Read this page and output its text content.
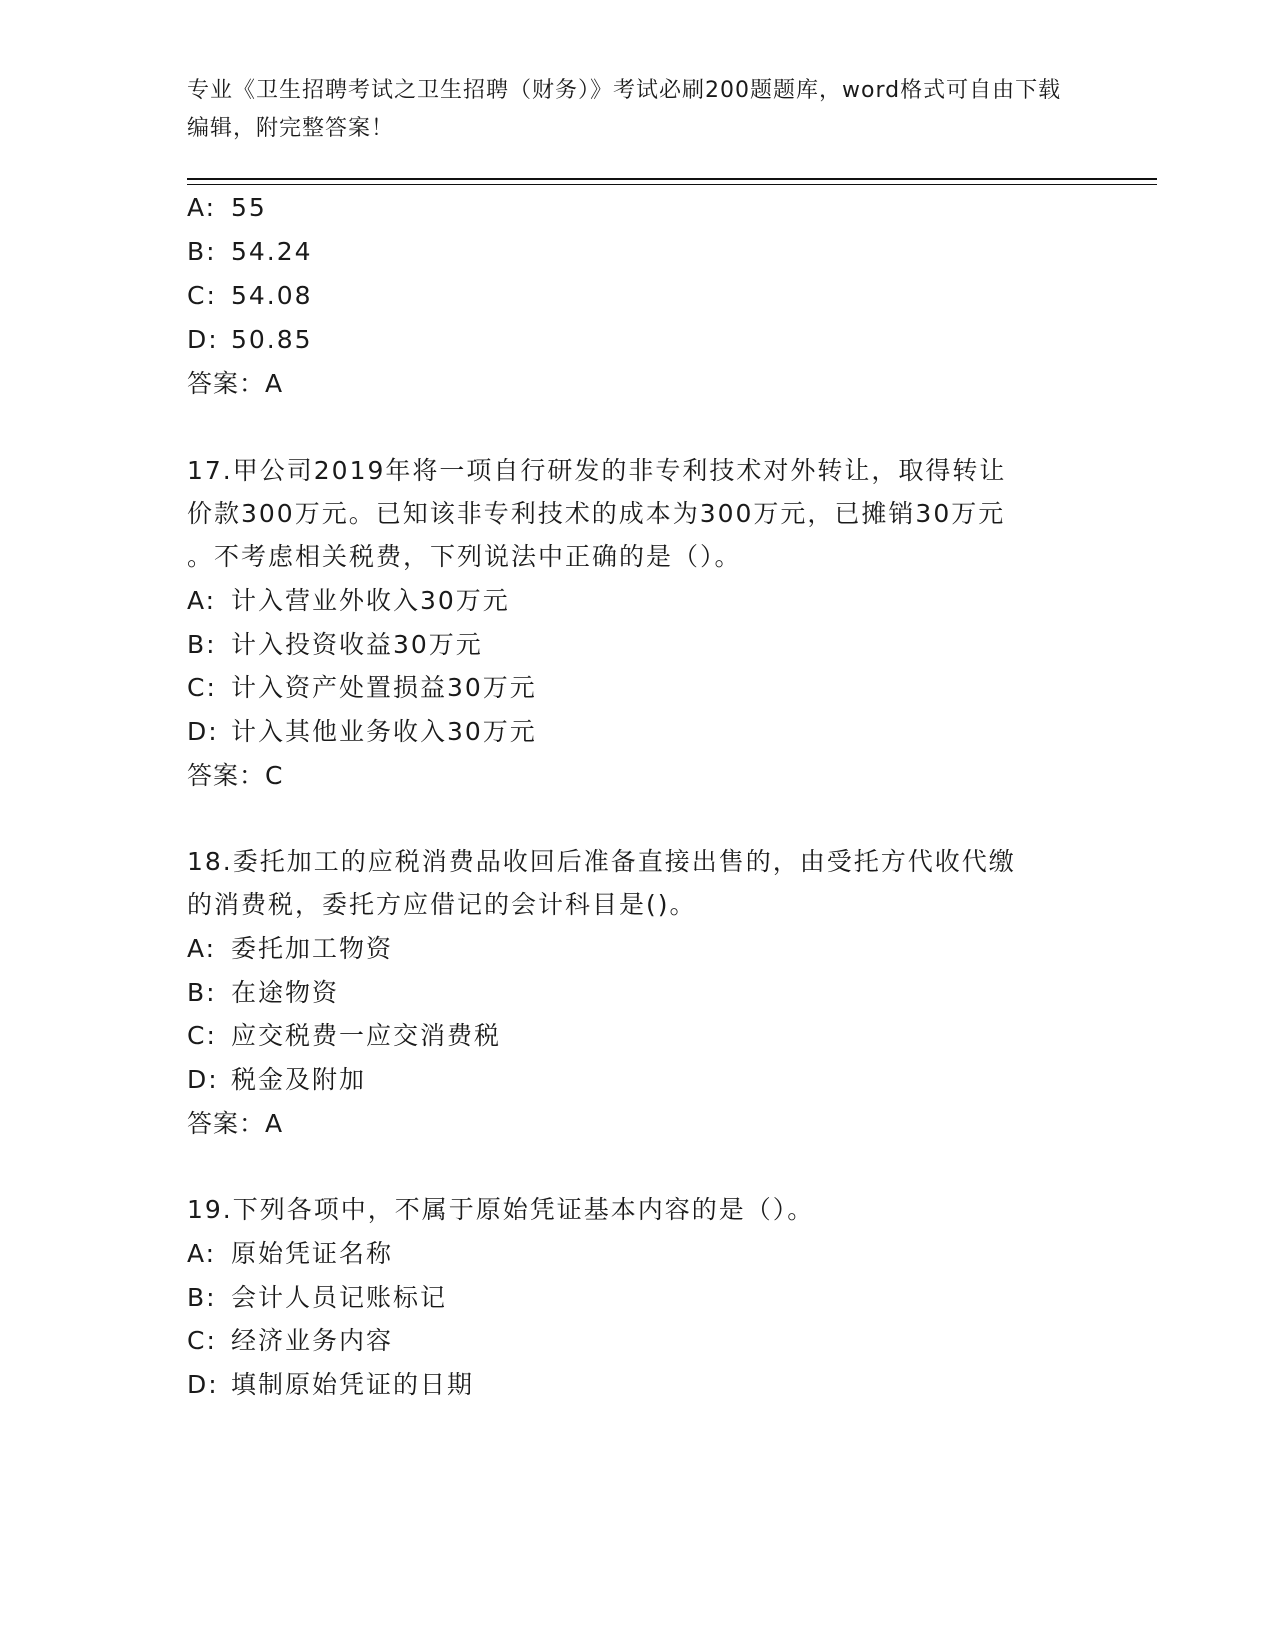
专业《卫生招聘考试之卫生招聘（财务）》考试必刷200题题库，word格式可自由下载编辑，附完整答案！

A: 55
B: 54.24
C: 54.08
D: 50.85
答案：A
17.甲公司2019年将一项自行研发的非专利技术对外转让，取得转让
价款300万元。已知该非专利技术的成本为300万元，已摊销30万元
。不考虑相关税费，下列说法中正确的是（）。
A: 计入营业外收入30万元
B: 计入投资收益30万元
C: 计入资产处置损益30万元
D: 计入其他业务收入30万元
答案：C
18.委托加工的应税消费品收回后准备直接出售的，由受托方代收代缴
的消费税，委托方应借记的会计科目是()。
A: 委托加工物资
B: 在途物资
C: 应交税费一应交消费税
D: 税金及附加
答案：A
19.下列各项中，不属于原始凭证基本内容的是（）。
A: 原始凭证名称
B: 会计人员记账标记
C: 经济业务内容
D: 填制原始凭证的日期
